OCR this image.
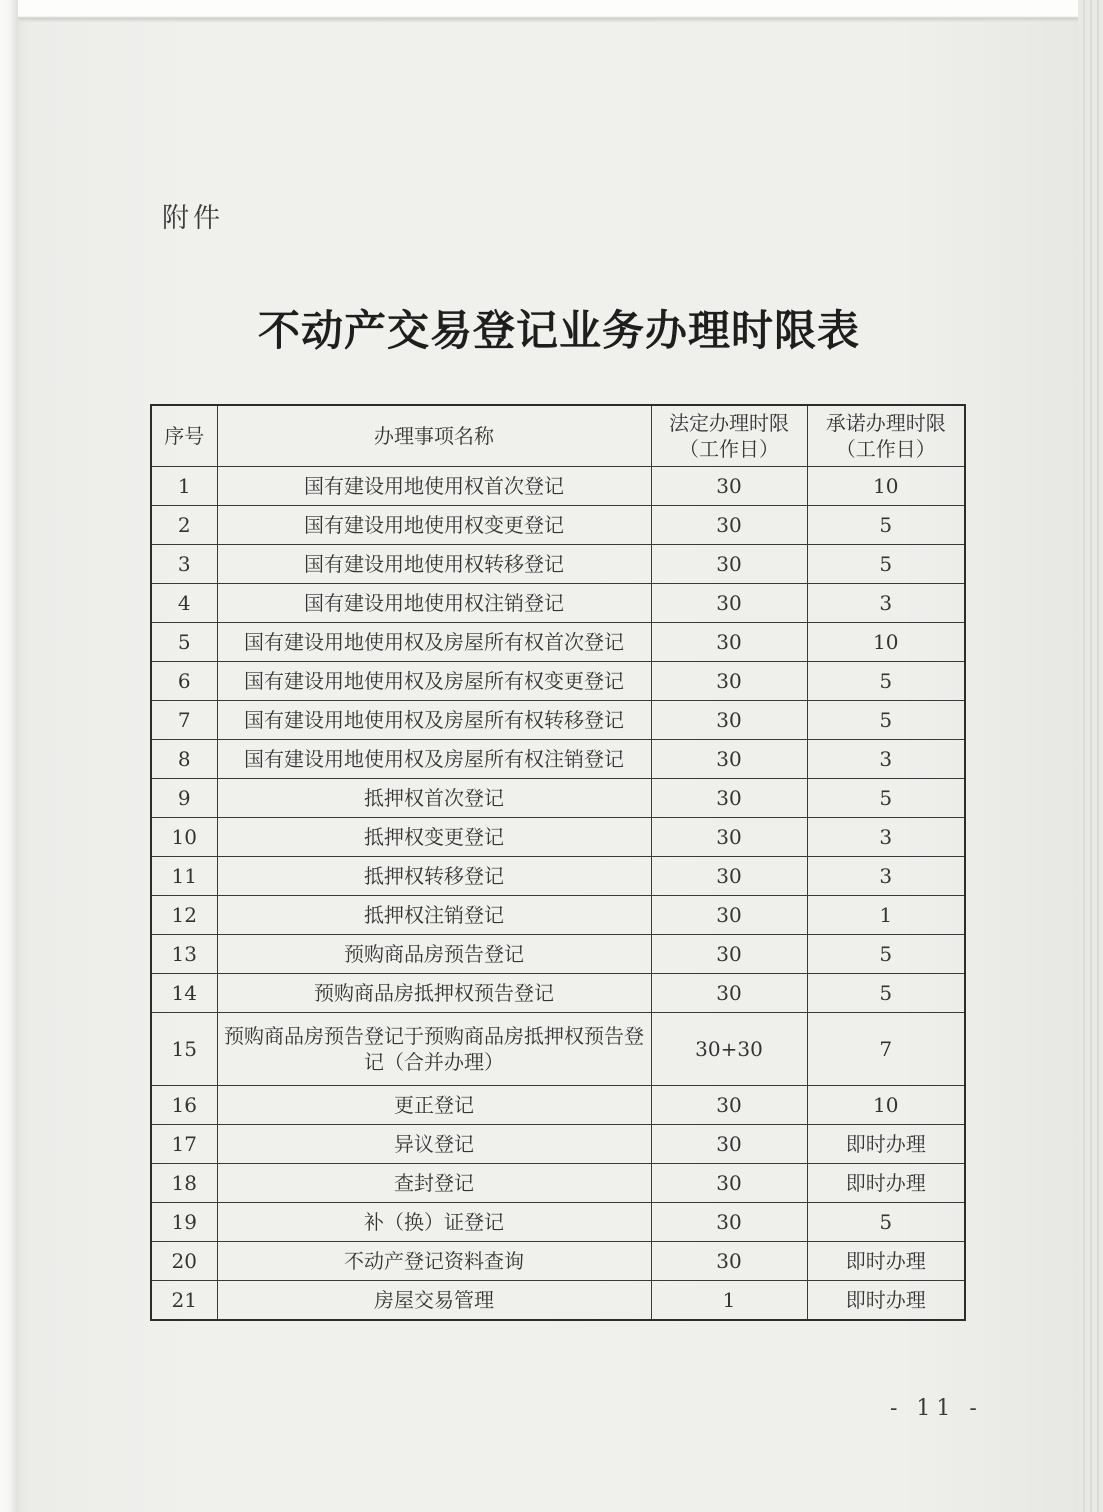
附件
不动产交易登记业务办理时限表
序号	办理事项名称	法定办理时限（工作日）	承诺办理时限（工作日）
1	国有建设用地使用权首次登记	30	10
2	国有建设用地使用权变更登记	30	5
3	国有建设用地使用权转移登记	30	5
4	国有建设用地使用权注销登记	30	3
5	国有建设用地使用权及房屋所有权首次登记	30	10
6	国有建设用地使用权及房屋所有权变更登记	30	5
7	国有建设用地使用权及房屋所有权转移登记	30	5
8	国有建设用地使用权及房屋所有权注销登记	30	3
9	抵押权首次登记	30	5
10	抵押权变更登记	30	3
11	抵押权转移登记	30	3
12	抵押权注销登记	30	1
13	预购商品房预告登记	30	5
14	预购商品房抵押权预告登记	30	5
15	预购商品房预告登记于预购商品房抵押权预告登记（合并办理）	30+30	7
16	更正登记	30	10
17	异议登记	30	即时办理
18	查封登记	30	即时办理
19	补（换）证登记	30	5
20	不动产登记资料查询	30	即时办理
21	房屋交易管理	1	即时办理
- 11 -
